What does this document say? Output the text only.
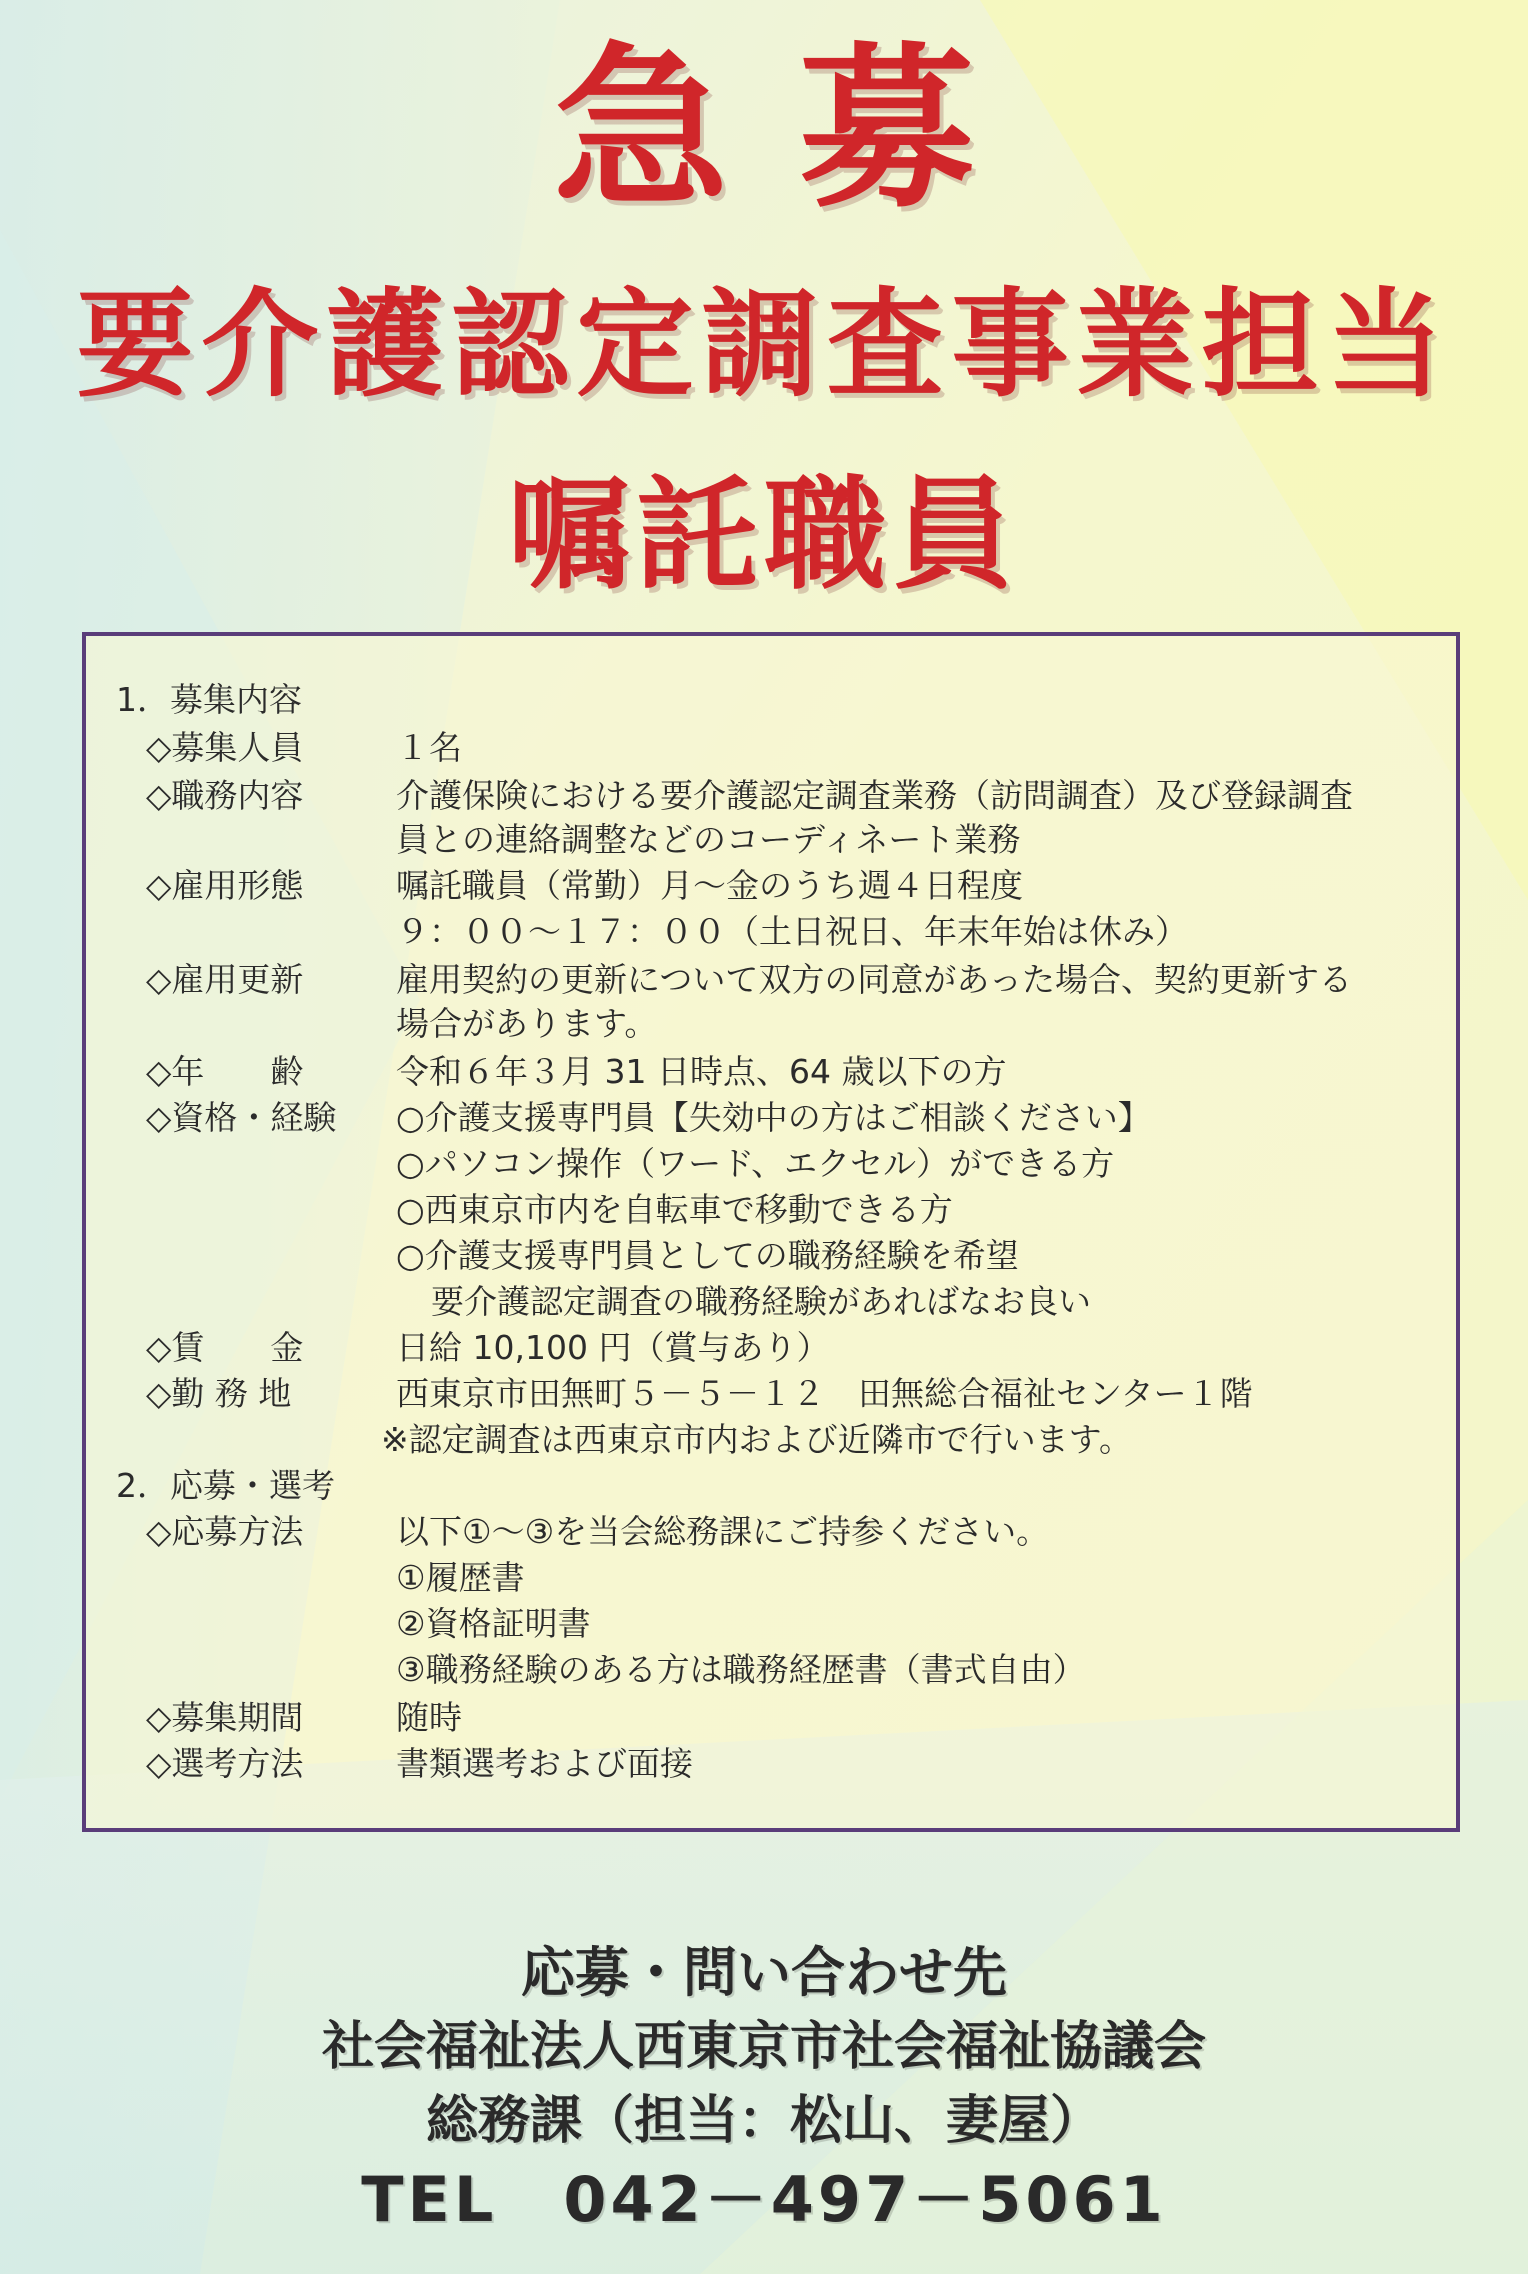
急募
要介護認定調査事業担当
嘱託職員
1．募集内容
◇募集人員	１名
◇職務内容	介護保険における要介護認定調査業務（訪問調査）及び登録調査
員との連絡調整などのコーディネート業務
◇雇用形態	嘱託職員（常勤）月～金のうち週４日程度
９：００～１７：００（土日祝日、年末年始は休み）
◇雇用更新	雇用契約の更新について双方の同意があった場合、契約更新する
場合があります。
◇年　　齢	令和６年３月 31 日時点、64 歳以下の方
◇資格・経験 ○介護支援専門員【失効中の方はご相談ください】
○パソコン操作（ワード、エクセル）ができる方
○西東京市内を自転車で移動できる方
○介護支援専門員としての職務経験を希望
要介護認定調査の職務経験があればなお良い
◇賃　　金	日給 10,100 円（賞与あり）
◇勤 務 地	西東京市田無町５－５－１２　田無総合福祉センター１階
※認定調査は西東京市内および近隣市で行います。
2．応募・選考
◇応募方法	以下①～③を当会総務課にご持参ください。
①履歴書
②資格証明書
③職務経験のある方は職務経歴書（書式自由）
◇募集期間	随時
◇選考方法	書類選考および面接
応募・問い合わせ先
社会福祉法人西東京市社会福祉協議会
総務課（担当：松山、妻屋）
TEL　042－497－5061
